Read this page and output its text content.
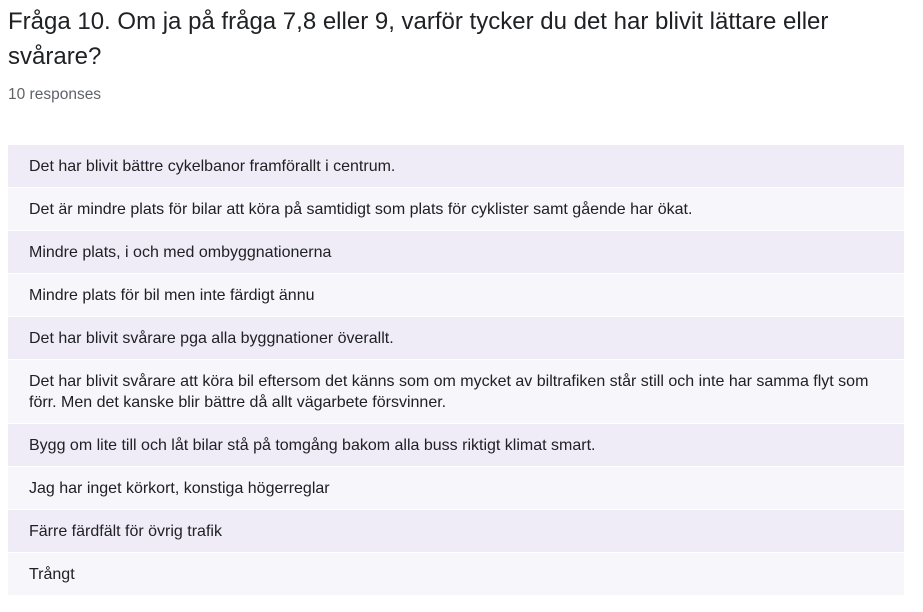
Fråga 10. Om ja på fråga 7,8 eller 9, varför tycker du det har blivit lättare eller svårare?
10 responses
Det har blivit bättre cykelbanor framförallt i centrum.
Det är mindre plats för bilar att köra på samtidigt som plats för cyklister samt gående har ökat.
Mindre plats, i och med ombyggnationerna
Mindre plats för bil men inte färdigt ännu
Det har blivit svårare pga alla byggnationer överallt.
Det har blivit svårare att köra bil eftersom det känns som om mycket av biltrafiken står still och inte har samma flyt som förr. Men det kanske blir bättre då allt vägarbete försvinner.
Bygg om lite till och låt bilar stå på tomgång bakom alla buss riktigt klimat smart.
Jag har inget körkort, konstiga högerreglar
Färre färdfält för övrig trafik
Trångt
